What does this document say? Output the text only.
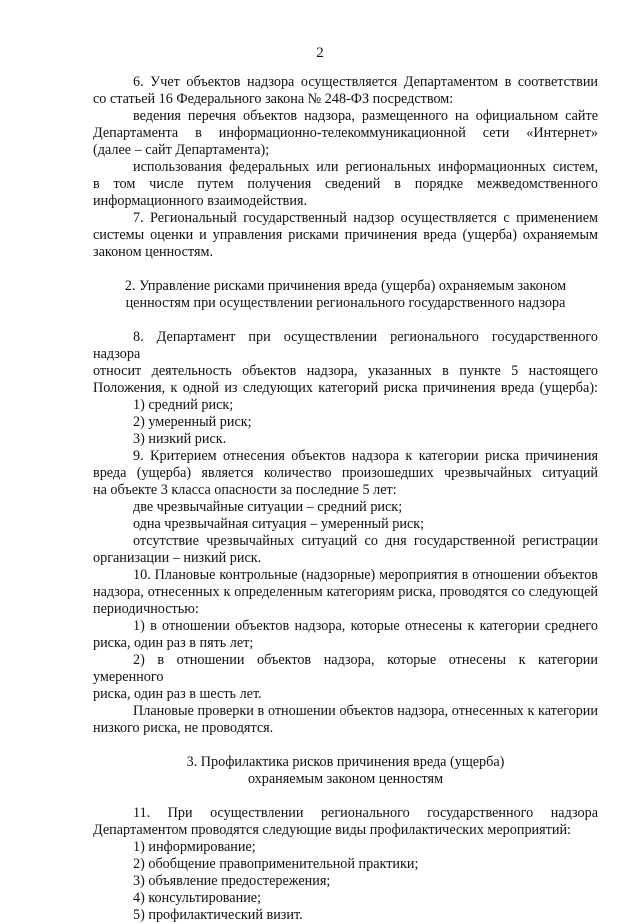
2

6. Учет объектов надзора осуществляется Департаментом в соответствии

со статьей 16 Федерального закона № 248-ФЗ посредством:

ведения перечня объектов надзора, размещенного на официальном сайте

Департамента в информационно-телекоммуникационной сети «Интернет»

(далее – сайт Департамента);

использования федеральных или региональных информационных систем,

в том числе путем получения сведений в порядке межведомственного

информационного взаимодействия.

7. Региональный государственный надзор осуществляется с применением

системы оценки и управления рисками причинения вреда (ущерба) охраняемым

законом ценностям.

2. Управление рисками причинения вреда (ущерба) охраняемым законом

ценностям при осуществлении регионального государственного надзора

8. Департамент при осуществлении регионального государственного надзора

относит деятельность объектов надзора, указанных в пункте 5 настоящего

Положения, к одной из следующих категорий риска причинения вреда (ущерба):

1) средний риск;

2) умеренный риск;

3) низкий риск.

9. Критерием отнесения объектов надзора к категории риска причинения

вреда (ущерба) является количество произошедших чрезвычайных ситуаций

на объекте 3 класса опасности за последние 5 лет:

две чрезвычайные ситуации – средний риск;

одна чрезвычайная ситуация – умеренный риск;

отсутствие чрезвычайных ситуаций со дня государственной регистрации

организации – низкий риск.

10. Плановые контрольные (надзорные) мероприятия в отношении объектов

надзора, отнесенных к определенным категориям риска, проводятся со следующей

периодичностью:

1) в отношении объектов надзора, которые отнесены к категории среднего

риска, один раз в пять лет;

2) в отношении объектов надзора, которые отнесены к категории умеренного

риска, один раз в шесть лет.

Плановые проверки в отношении объектов надзора, отнесенных к категории

низкого риска, не проводятся.

3. Профилактика рисков причинения вреда (ущерба)

охраняемым законом ценностям

11. При осуществлении регионального государственного надзора

Департаментом проводятся следующие виды профилактических мероприятий:

1) информирование;

2) обобщение правоприменительной практики;

3) объявление предостережения;

4) консультирование;

5) профилактический визит.
